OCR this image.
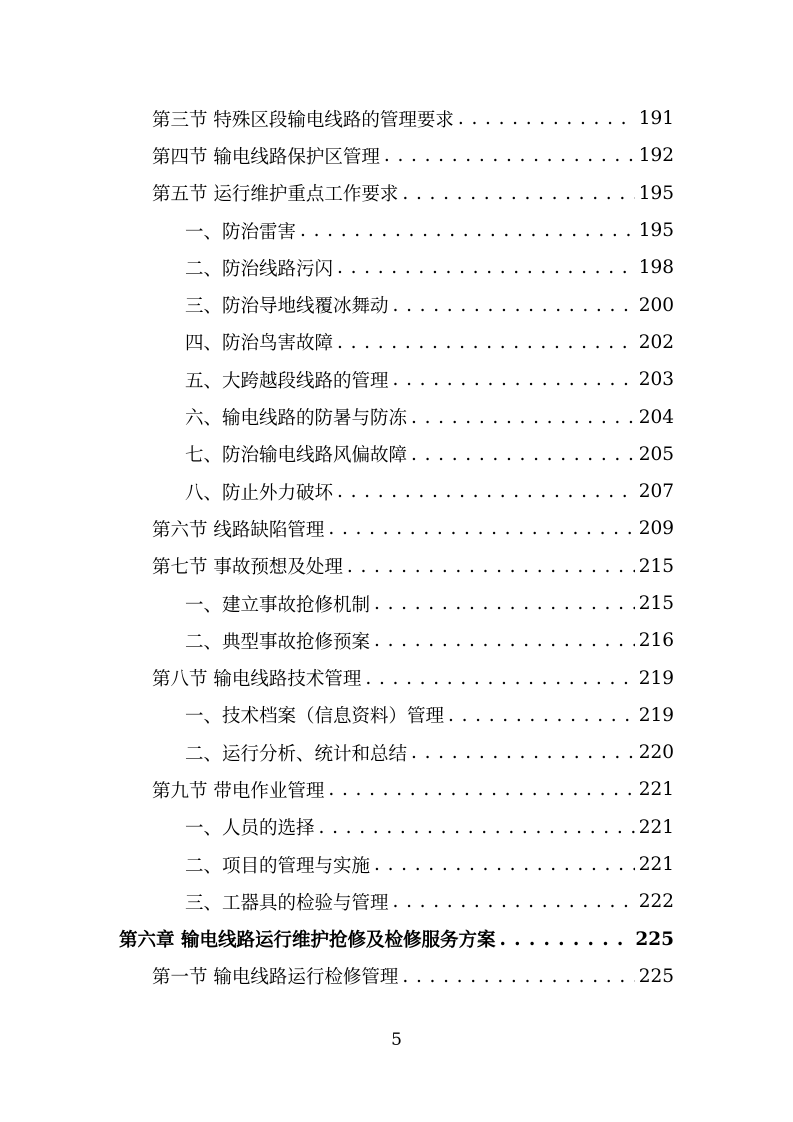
第三节 特殊区段输电线路的管理要求 . . .	191
第四节 输电线路保护区管理 . . .	192
第五节 运行维护重点工作要求 . . .	195
一、防治雷害 . . .	195
二、防治线路污闪 . . .	198
三、防治导地线覆冰舞动 . . .	200
四、防治鸟害故障 . . .	202
五、大跨越段线路的管理 . . .	203
六、输电线路的防暑与防冻 . . .	204
七、防治输电线路风偏故障 . . .	205
八、防止外力破坏 . . .	207
第六节 线路缺陷管理 . . .	209
第七节 事故预想及处理 . . .	215
一、建立事故抢修机制 . . .	215
二、典型事故抢修预案 . . .	216
第八节 输电线路技术管理 . . .	219
一、技术档案（信息资料）管理 . . .	219
二、运行分析、统计和总结 . . .	220
第九节 带电作业管理 . . .	221
一、人员的选择 . . .	221
二、项目的管理与实施 . . .	221
三、工器具的检验与管理 . . .	222
第六章 输电线路运行维护抢修及检修服务方案 . . .	225
第一节 输电线路运行检修管理 . . .	225
5
